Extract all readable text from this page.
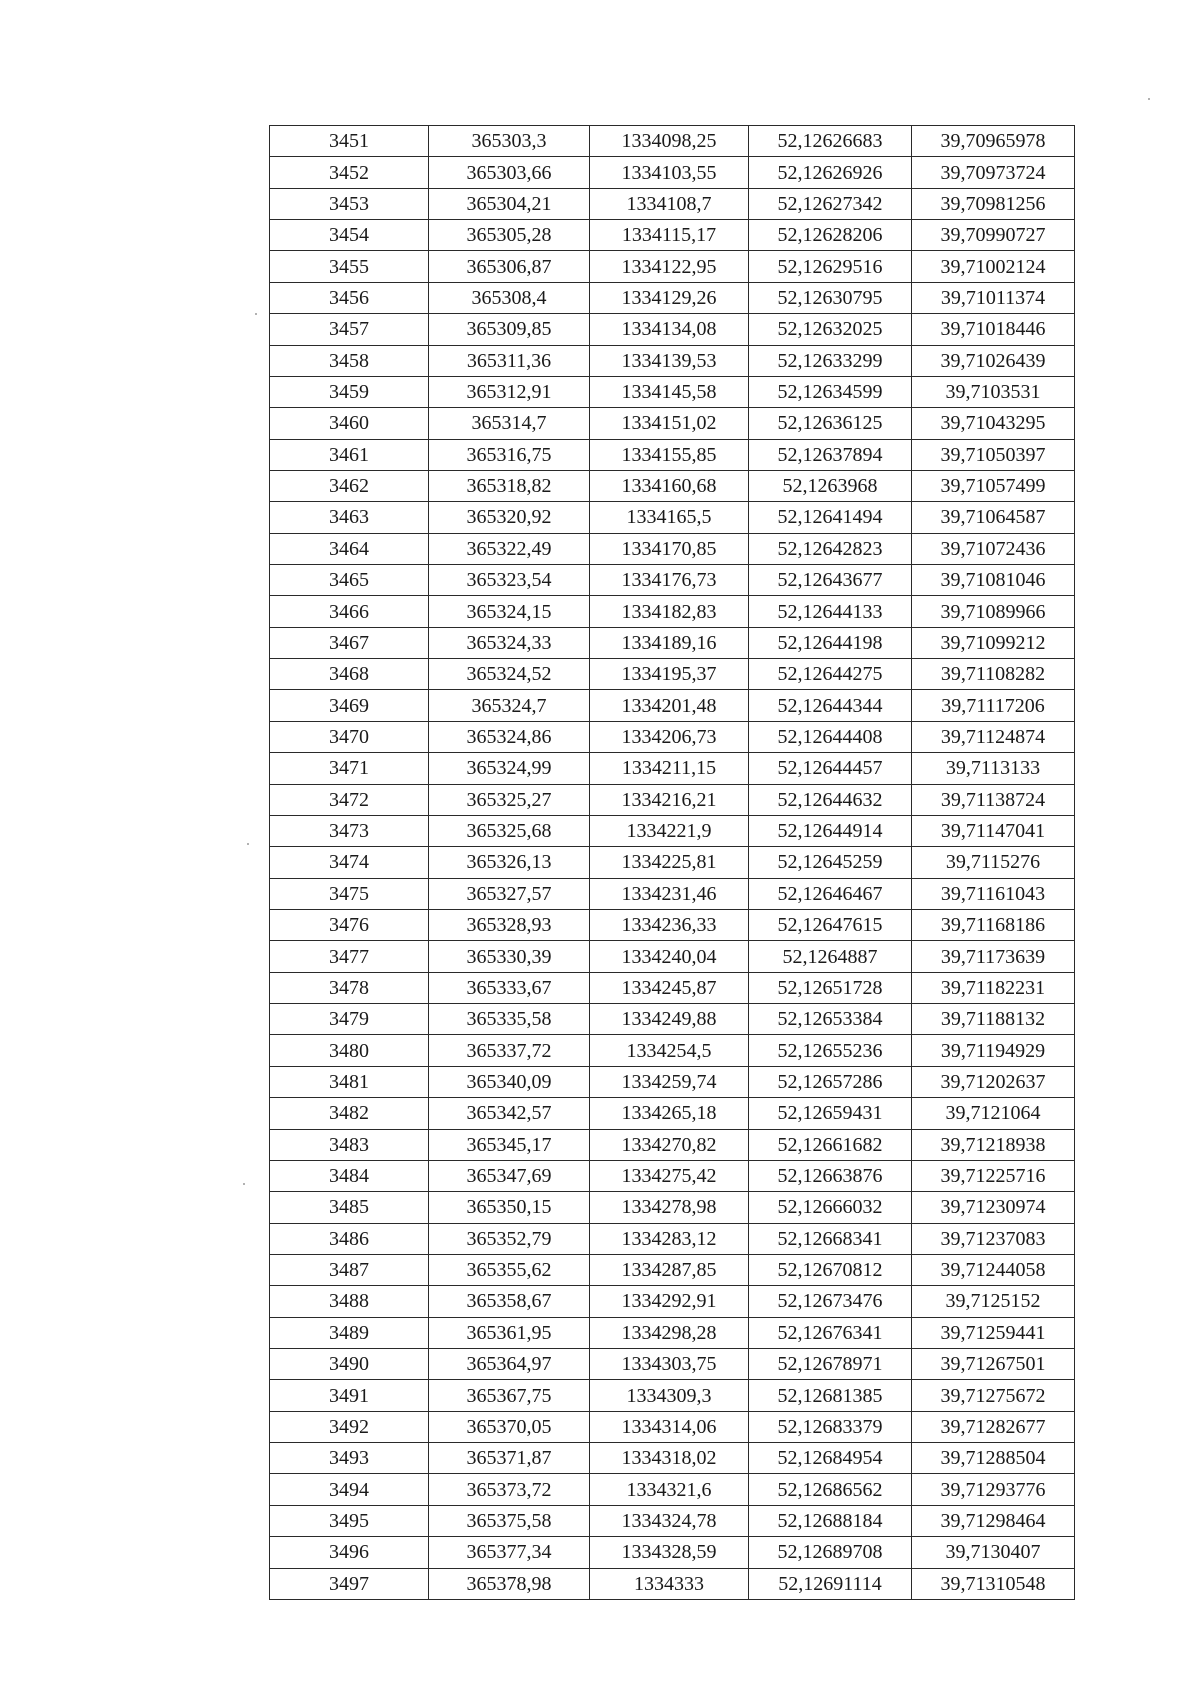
3451	365303,3	1334098,25	52,12626683	39,70965978
3452	365303,66	1334103,55	52,12626926	39,70973724
3453	365304,21	1334108,7	52,12627342	39,70981256
3454	365305,28	1334115,17	52,12628206	39,70990727
3455	365306,87	1334122,95	52,12629516	39,71002124
3456	365308,4	1334129,26	52,12630795	39,71011374
3457	365309,85	1334134,08	52,12632025	39,71018446
3458	365311,36	1334139,53	52,12633299	39,71026439
3459	365312,91	1334145,58	52,12634599	39,7103531
3460	365314,7	1334151,02	52,12636125	39,71043295
3461	365316,75	1334155,85	52,12637894	39,71050397
3462	365318,82	1334160,68	52,1263968	39,71057499
3463	365320,92	1334165,5	52,12641494	39,71064587
3464	365322,49	1334170,85	52,12642823	39,71072436
3465	365323,54	1334176,73	52,12643677	39,71081046
3466	365324,15	1334182,83	52,12644133	39,71089966
3467	365324,33	1334189,16	52,12644198	39,71099212
3468	365324,52	1334195,37	52,12644275	39,71108282
3469	365324,7	1334201,48	52,12644344	39,71117206
3470	365324,86	1334206,73	52,12644408	39,71124874
3471	365324,99	1334211,15	52,12644457	39,7113133
3472	365325,27	1334216,21	52,12644632	39,71138724
3473	365325,68	1334221,9	52,12644914	39,71147041
3474	365326,13	1334225,81	52,12645259	39,7115276
3475	365327,57	1334231,46	52,12646467	39,71161043
3476	365328,93	1334236,33	52,12647615	39,71168186
3477	365330,39	1334240,04	52,1264887	39,71173639
3478	365333,67	1334245,87	52,12651728	39,71182231
3479	365335,58	1334249,88	52,12653384	39,71188132
3480	365337,72	1334254,5	52,12655236	39,71194929
3481	365340,09	1334259,74	52,12657286	39,71202637
3482	365342,57	1334265,18	52,12659431	39,7121064
3483	365345,17	1334270,82	52,12661682	39,71218938
3484	365347,69	1334275,42	52,12663876	39,71225716
3485	365350,15	1334278,98	52,12666032	39,71230974
3486	365352,79	1334283,12	52,12668341	39,71237083
3487	365355,62	1334287,85	52,12670812	39,71244058
3488	365358,67	1334292,91	52,12673476	39,7125152
3489	365361,95	1334298,28	52,12676341	39,71259441
3490	365364,97	1334303,75	52,12678971	39,71267501
3491	365367,75	1334309,3	52,12681385	39,71275672
3492	365370,05	1334314,06	52,12683379	39,71282677
3493	365371,87	1334318,02	52,12684954	39,71288504
3494	365373,72	1334321,6	52,12686562	39,71293776
3495	365375,58	1334324,78	52,12688184	39,71298464
3496	365377,34	1334328,59	52,12689708	39,7130407
3497	365378,98	1334333	52,12691114	39,71310548
